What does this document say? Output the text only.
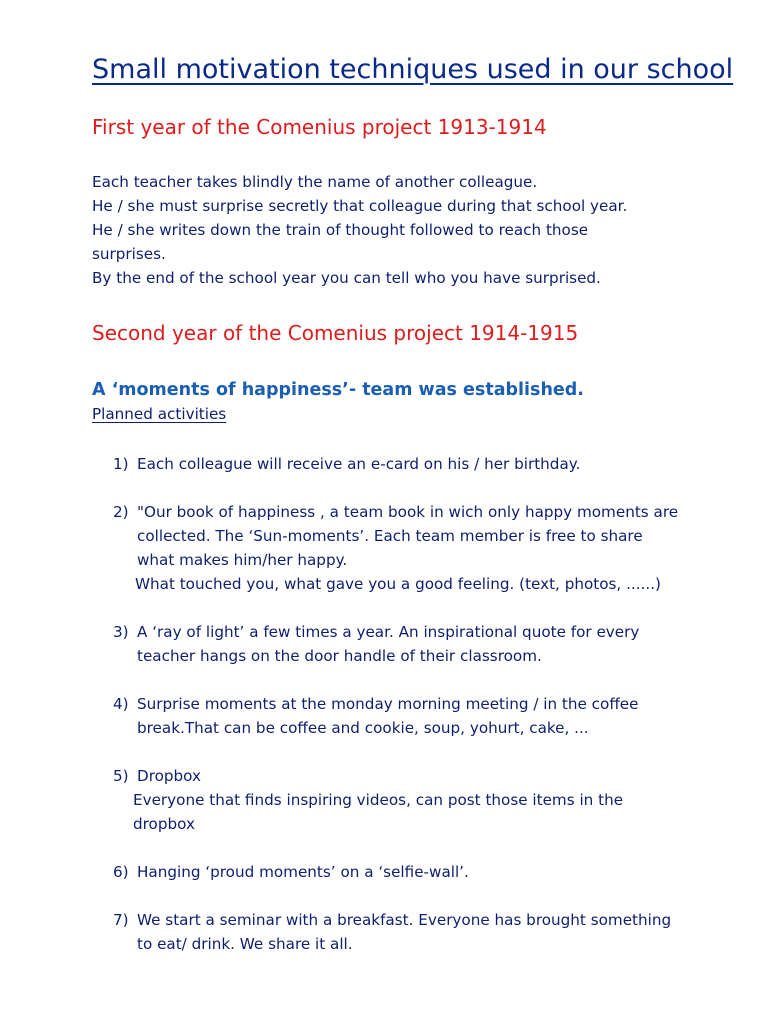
Small motivation techniques used in our school
First year of the Comenius project 1913-1914

Each teacher takes blindly the name of another colleague.

He / she must surprise secretly that colleague during that school year.

He / she writes down the train of thought followed to reach those

surprises.

By the end of the school year you can tell who you have surprised.

Second year of the Comenius project 1914-1915
A ‘moments of happiness’- team was established.
Planned activities
1) Each colleague will receive an e-card on his / her birthday.

2) "Our book of happiness , a team book in wich only happy moments are

collected. The ‘Sun-moments’. Each team member is free to share

what makes him/her happy.

What touched you, what gave you a good feeling. (text, photos, ......)

3) A ‘ray of light’ a few times a year. An inspirational quote for every

teacher hangs on the door handle of their classroom.

4) Surprise moments at the monday morning meeting / in the coffee

break.That can be coffee and cookie, soup, yohurt, cake, ...

5) Dropbox

Everyone that finds inspiring videos, can post those items in the

dropbox

6) Hanging ‘proud moments’ on a ‘selfie-wall’.

7) We start a seminar with a breakfast. Everyone has brought something

to eat/ drink. We share it all.
